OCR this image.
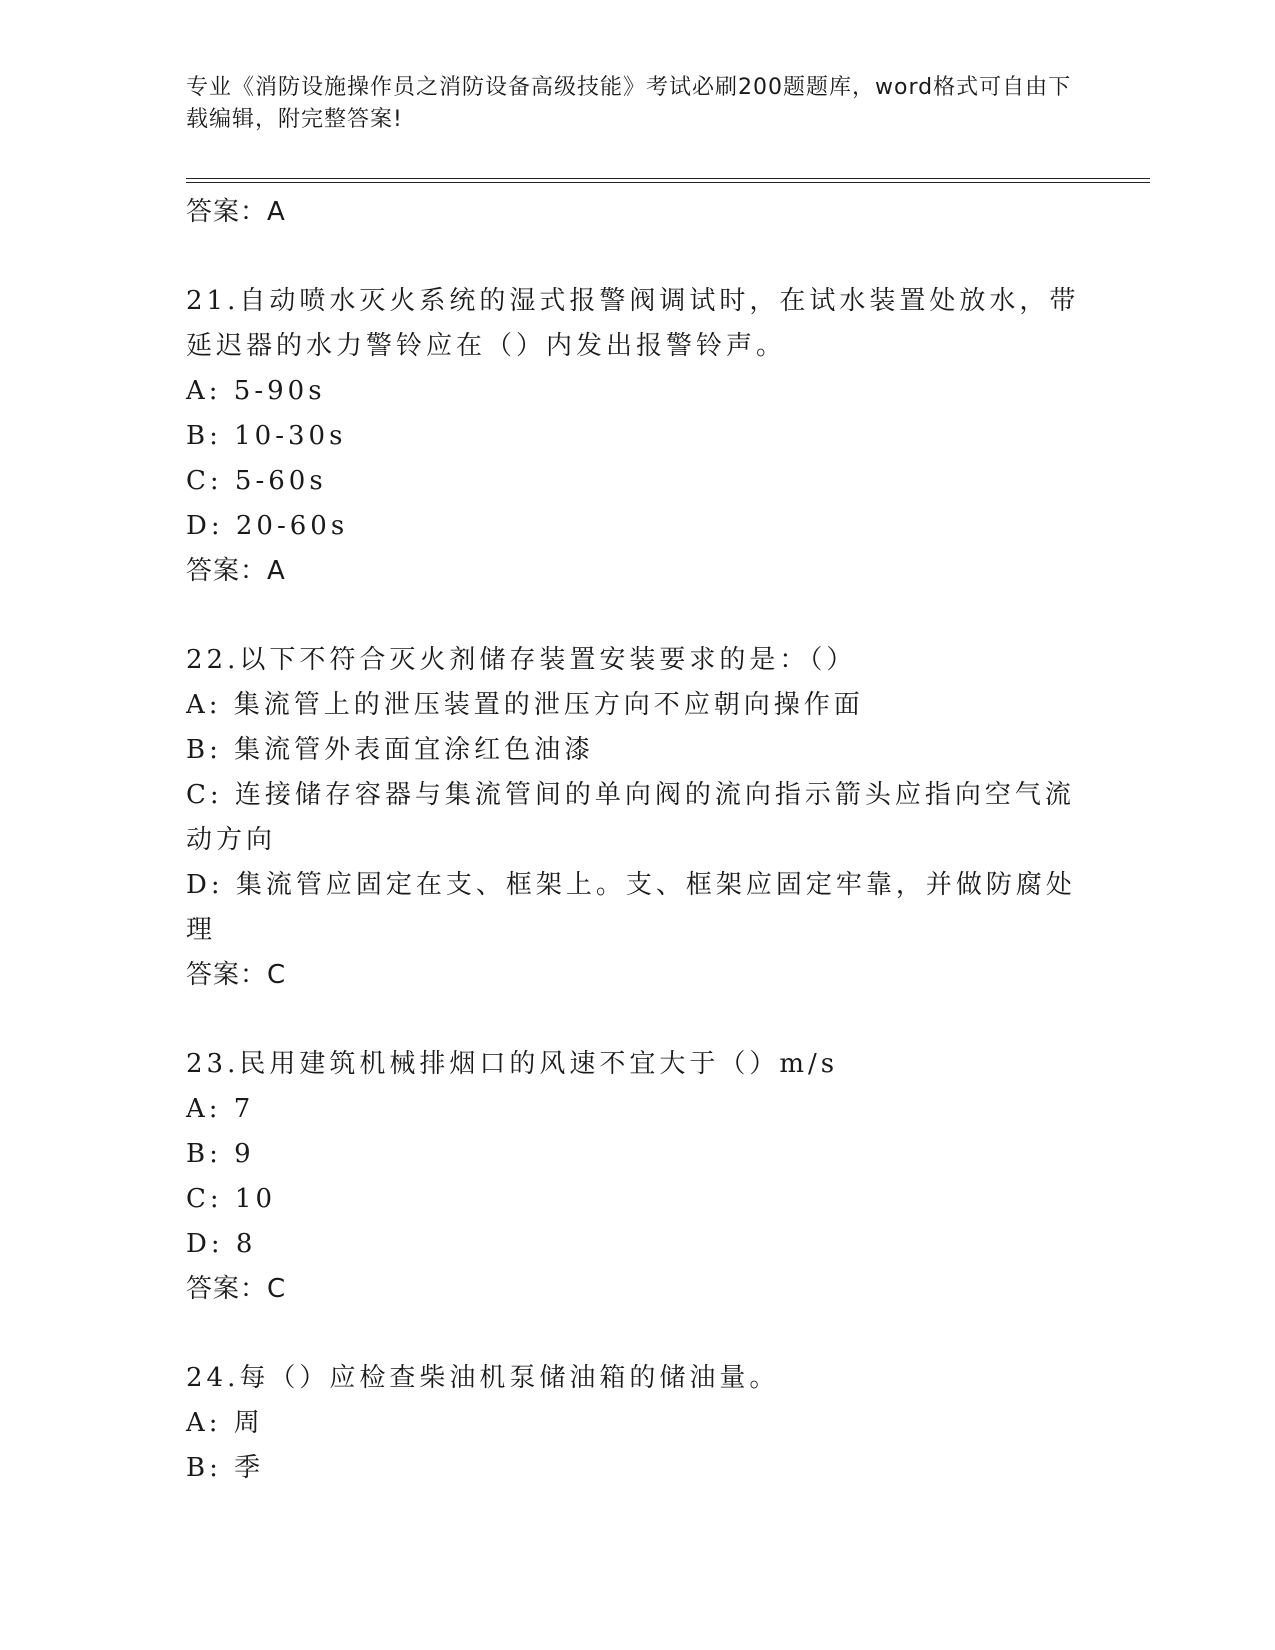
专业《消防设施操作员之消防设备高级技能》考试必刷200题题库，word格式可自由下载编辑，附完整答案!
答案：A
21.自动喷水灭火系统的湿式报警阀调试时，在试水装置处放水，带延迟器的水力警铃应在（）内发出报警铃声。
A: 5-90s
B: 10-30s
C: 5-60s
D: 20-60s
答案：A
22.以下不符合灭火剂储存装置安装要求的是：（）
A: 集流管上的泄压装置的泄压方向不应朝向操作面
B: 集流管外表面宜涂红色油漆
C: 连接储存容器与集流管间的单向阀的流向指示箭头应指向空气流动方向
D: 集流管应固定在支、框架上。支、框架应固定牢靠，并做防腐处理
答案：C
23.民用建筑机械排烟口的风速不宜大于（）m/s
A: 7
B: 9
C: 10
D: 8
答案：C
24.每（）应检查柴油机泵储油箱的储油量。
A: 周
B: 季
